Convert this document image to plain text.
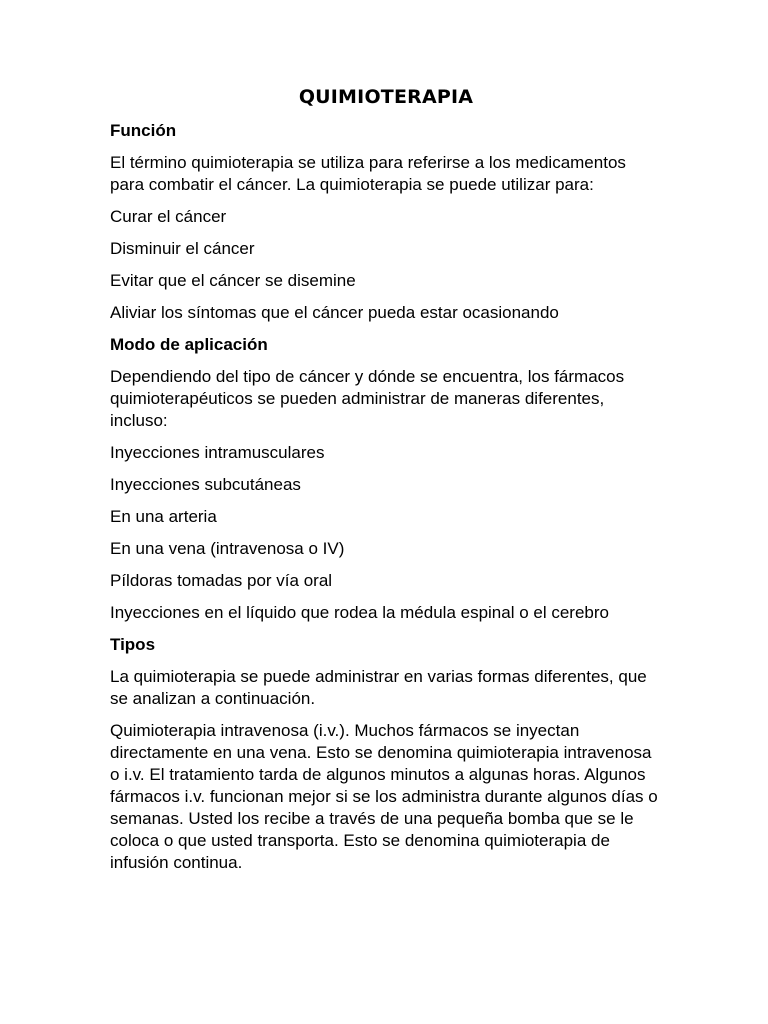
QUIMIOTERAPIA
Función
El término quimioterapia se utiliza para referirse a los medicamentos para combatir el cáncer. La quimioterapia se puede utilizar para:
Curar el cáncer
Disminuir el cáncer
Evitar que el cáncer se disemine
Aliviar los síntomas que el cáncer pueda estar ocasionando
Modo de aplicación
Dependiendo del tipo de cáncer y dónde se encuentra, los fármacos quimioterapéuticos se pueden administrar de maneras diferentes, incluso:
Inyecciones intramusculares
Inyecciones subcutáneas
En una arteria
En una vena (intravenosa o IV)
Píldoras tomadas por vía oral
Inyecciones en el líquido que rodea la médula espinal o el cerebro
Tipos
La quimioterapia se puede administrar en varias formas diferentes, que se analizan a continuación.
Quimioterapia intravenosa (i.v.). Muchos fármacos se inyectan directamente en una vena. Esto se denomina quimioterapia intravenosa o i.v. El tratamiento tarda de algunos minutos a algunas horas. Algunos fármacos i.v. funcionan mejor si se los administra durante algunos días o semanas. Usted los recibe a través de una pequeña bomba que se le coloca o que usted transporta. Esto se denomina quimioterapia de infusión continua.
